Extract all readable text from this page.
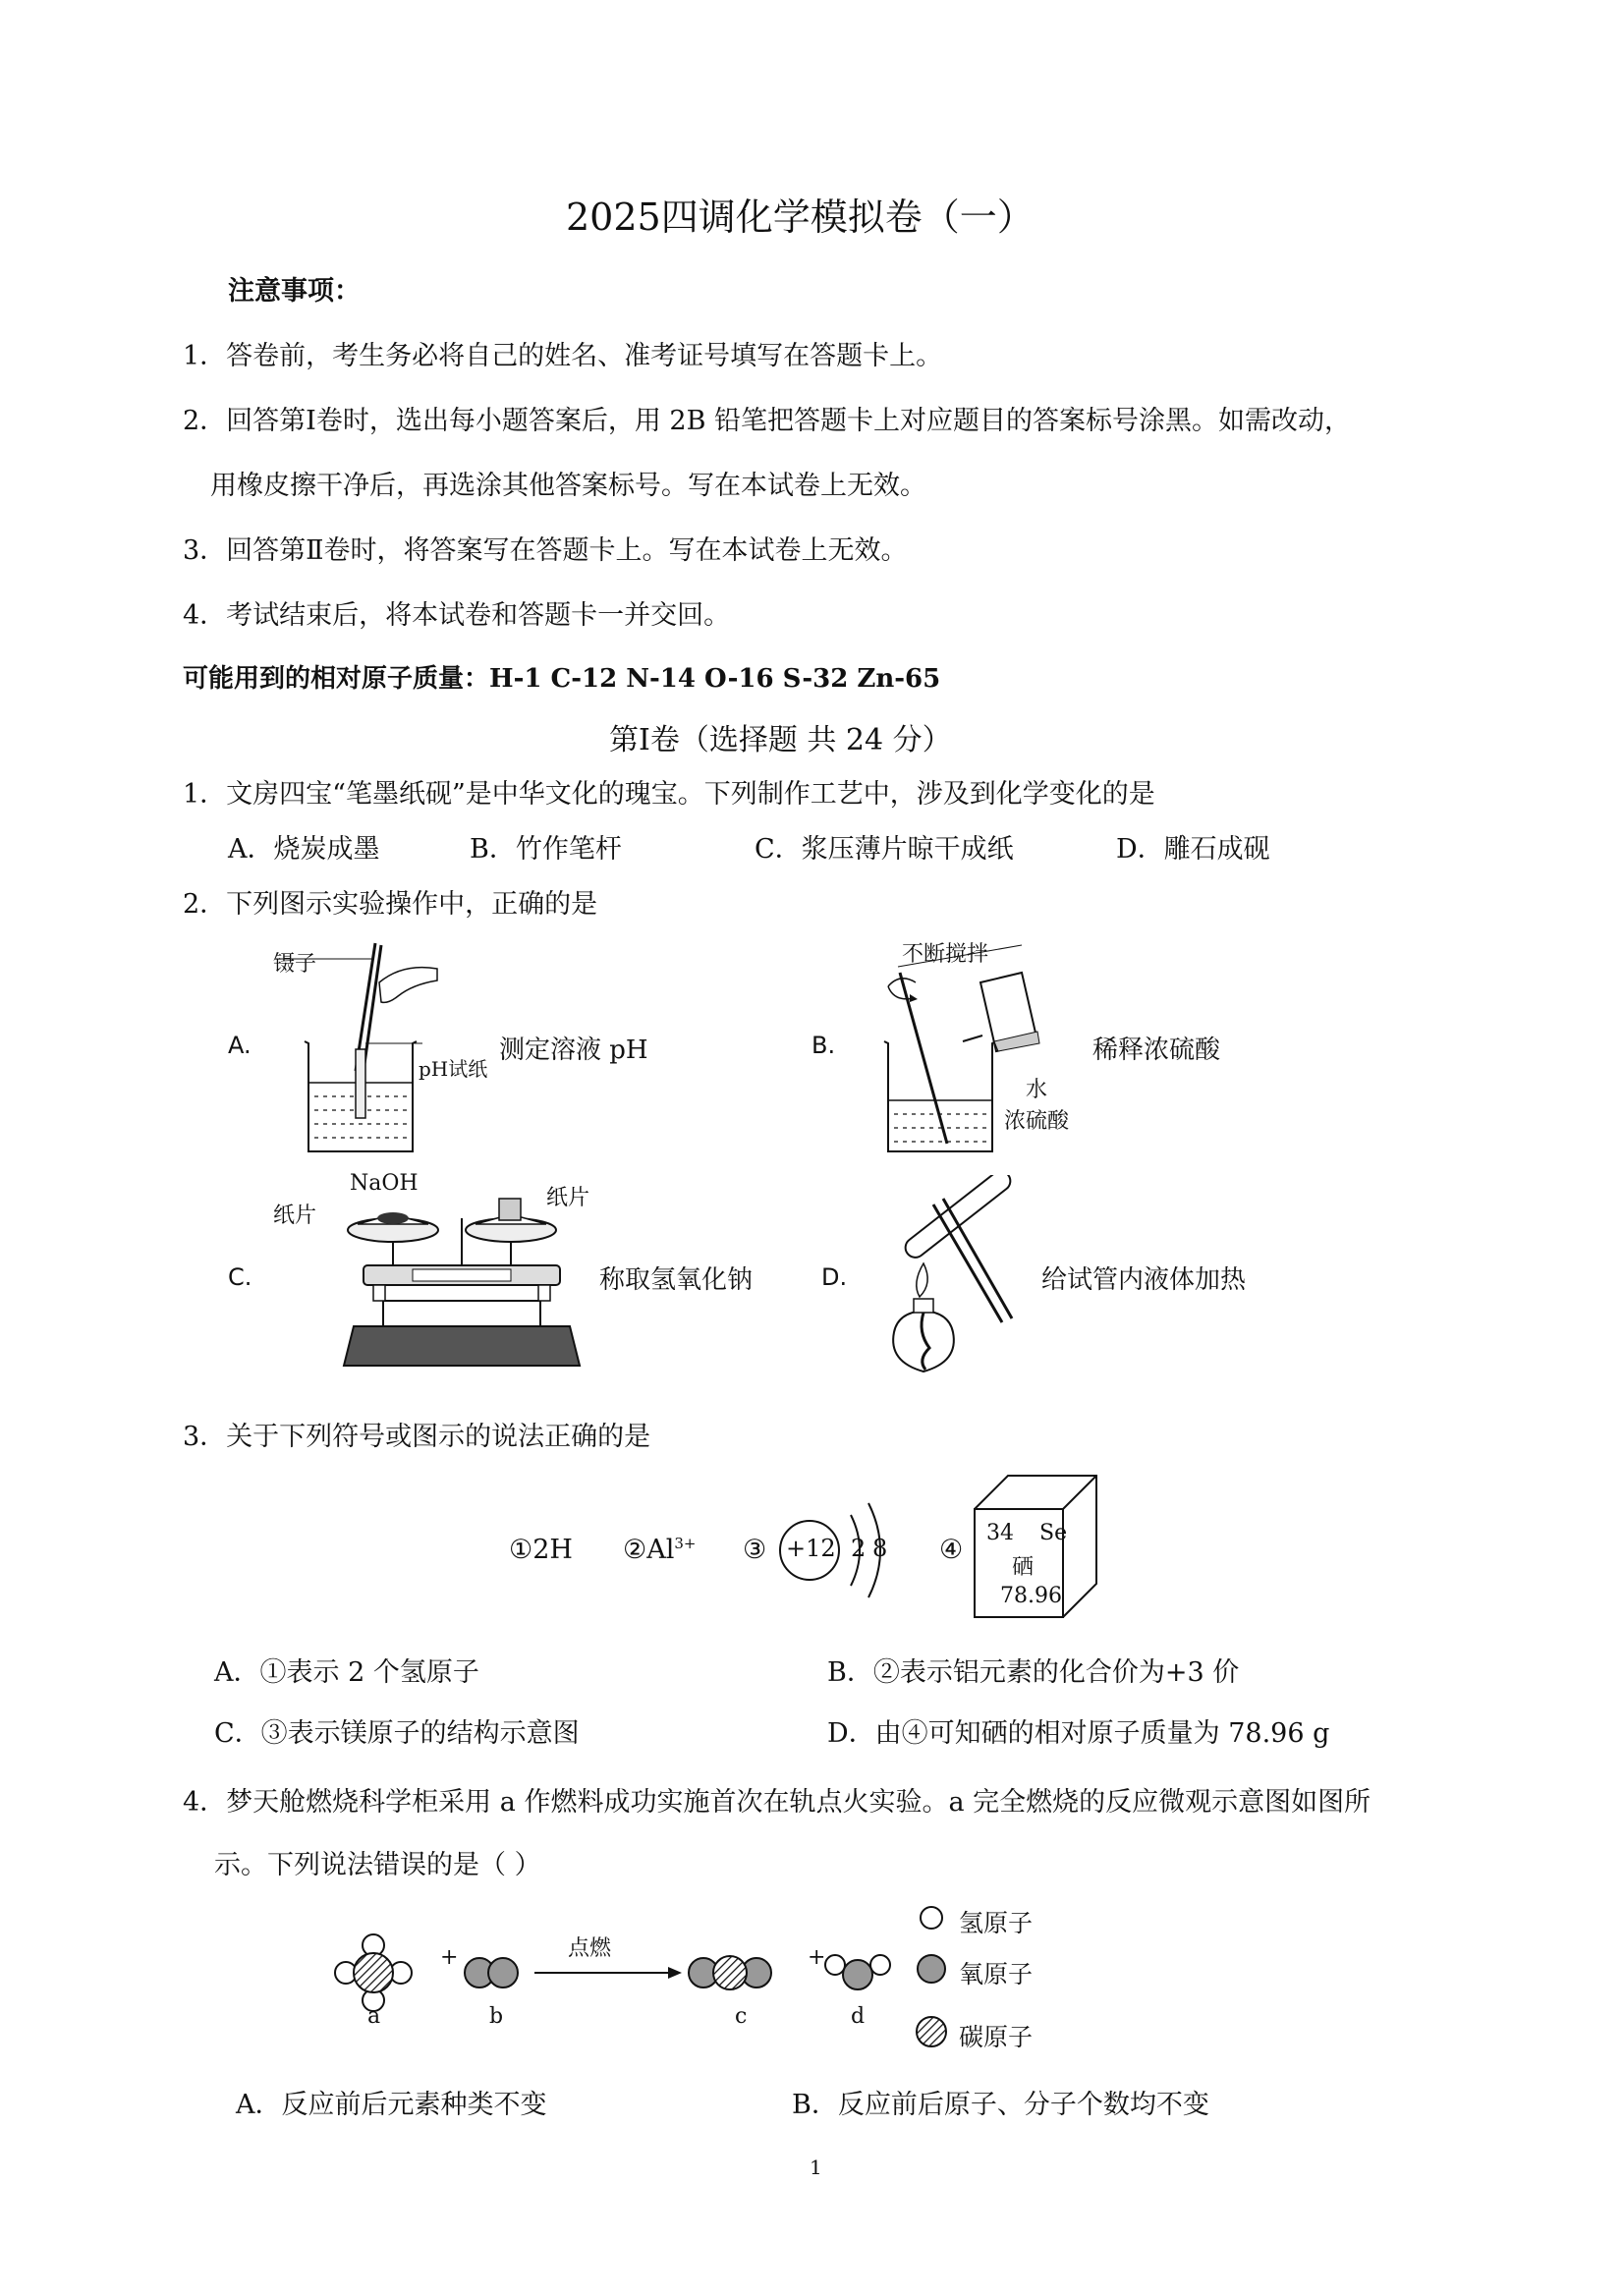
2025四调化学模拟卷（一）
注意事项：
1．答卷前，考生务必将自己的姓名、准考证号填写在答题卡上。
2．回答第Ⅰ卷时，选出每小题答案后，用 2B 铅笔把答题卡上对应题目的答案标号涂黑。如需改动，
用橡皮擦干净后，再选涂其他答案标号。写在本试卷上无效。
3．回答第Ⅱ卷时，将答案写在答题卡上。写在本试卷上无效。
4．考试结束后，将本试卷和答题卡一并交回。
可能用到的相对原子质量：H-1 C-12 N-14 O-16 S-32 Zn-65
第Ⅰ卷（选择题 共 24 分）
1．文房四宝“笔墨纸砚”是中华文化的瑰宝。下列制作工艺中，涉及到化学变化的是
A．烧炭成墨	B．竹作笔杆	C．浆压薄片晾干成纸	D．雕石成砚
2．下列图示实验操作中，正确的是
A.
镊子
pH试纸
测定溶液 pH	B.
不断搅拌
水
浓硫酸
稀释浓硫酸
C.
NaOH
纸片
纸片
称取氢氧化钠	D.	给试管内液体加热
3．关于下列符号或图示的说法正确的是
①2H $②Al^{3+}$ ③ +12 2 8 ④
34 Se
硒
78.96
A．①表示 2 个氢原子	B．②表示铝元素的化合价为+3 价
C．③表示镁原子的结构示意图	D．由④可知硒的相对原子质量为 78.96 g
4．梦天舱燃烧科学柜采用 a 作燃料成功实施首次在轨点火实验。a 完全燃烧的反应微观示意图如图所
示。下列说法错误的是（ ）
+	+
点燃
a	b	c	d
氢原子
氧原子
碳原子
A．反应前后元素种类不变	B．反应前后原子、分子个数均不变
1
